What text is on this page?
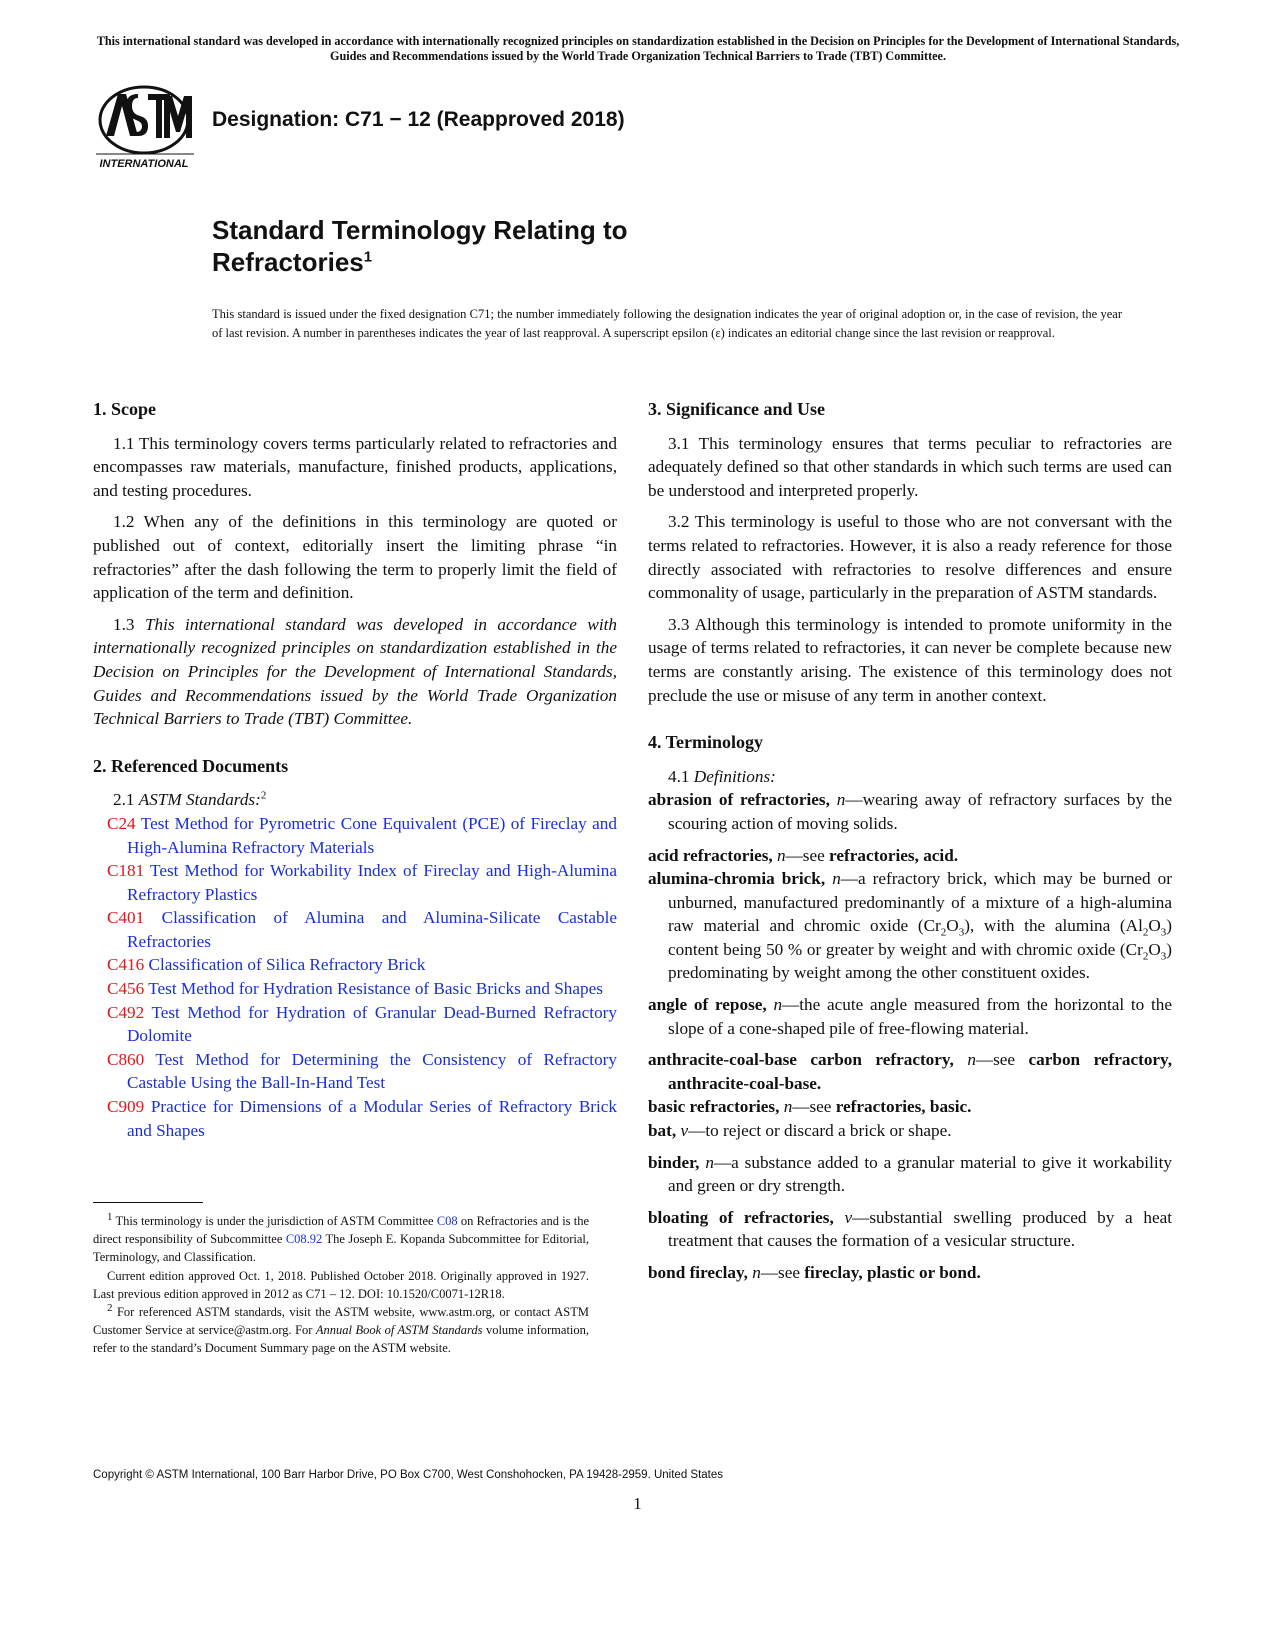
This international standard was developed in accordance with internationally recognized principles on standardization established in the Decision on Principles for the Development of International Standards, Guides and Recommendations issued by the World Trade Organization Technical Barriers to Trade (TBT) Committee.
INTERNATIONAL
Designation: C71 − 12 (Reapproved 2018)
Standard Terminology Relating to
Refractories$^1$
This standard is issued under the fixed designation C71; the number immediately following the designation indicates the year of original adoption or, in the case of revision, the year of last revision. A number in parentheses indicates the year of last reapproval. A superscript epsilon (ε) indicates an editorial change since the last revision or reapproval.

1. Scope

1.1 This terminology covers terms particularly related to refractories and encompasses raw materials, manufacture, finished products, applications, and testing procedures.

1.2 When any of the definitions in this terminology are quoted or published out of context, editorially insert the limiting phrase “in refractories” after the dash following the term to properly limit the field of application of the term and definition.

1.3 This international standard was developed in accordance with internationally recognized principles on standardization established in the Decision on Principles for the Development of International Standards, Guides and Recommendations issued by the World Trade Organization Technical Barriers to Trade (TBT) Committee.

2. Referenced Documents

2.1 ASTM Standards:$^2$

C24 Test Method for Pyrometric Cone Equivalent (PCE) of Fireclay and High-Alumina Refractory Materials

C181 Test Method for Workability Index of Fireclay and High-Alumina Refractory Plastics

C401 Classification of Alumina and Alumina-Silicate Castable Refractories

C416 Classification of Silica Refractory Brick

C456 Test Method for Hydration Resistance of Basic Bricks and Shapes

C492 Test Method for Hydration of Granular Dead-Burned Refractory Dolomite

C860 Test Method for Determining the Consistency of Refractory Castable Using the Ball-In-Hand Test

C909 Practice for Dimensions of a Modular Series of Refractory Brick and Shapes

3. Significance and Use

3.1 This terminology ensures that terms peculiar to refractories are adequately defined so that other standards in which such terms are used can be understood and interpreted properly.

3.2 This terminology is useful to those who are not conversant with the terms related to refractories. However, it is also a ready reference for those directly associated with refractories to resolve differences and ensure commonality of usage, particularly in the preparation of ASTM standards.

3.3 Although this terminology is intended to promote uniformity in the usage of terms related to refractories, it can never be complete because new terms are constantly arising. The existence of this terminology does not preclude the use or misuse of any term in another context.

4. Terminology

4.1 Definitions:

abrasion of refractories, n—wearing away of refractory surfaces by the scouring action of moving solids.

acid refractories, n—see refractories, acid.

alumina-chromia brick, n—a refractory brick, which may be burned or unburned, manufactured predominantly of a mixture of a high-alumina raw material and chromic oxide $(Cr_2O_3)$, with the alumina $(Al_2O_3)$ content being 50 % or greater by weight and with chromic oxide $(Cr_2O_3)$ predominating by weight among the other constituent oxides.

angle of repose, n—the acute angle measured from the horizontal to the slope of a cone-shaped pile of free-flowing material.

anthracite-coal-base carbon refractory, n—see carbon refractory, anthracite-coal-base.

basic refractories, n—see refractories, basic.

bat, v—to reject or discard a brick or shape.

binder, n—a substance added to a granular material to give it workability and green or dry strength.

bloating of refractories, v—substantial swelling produced by a heat treatment that causes the formation of a vesicular structure.

bond fireclay, n—see fireclay, plastic or bond.

$^1$ This terminology is under the jurisdiction of ASTM Committee C08 on Refractories and is the direct responsibility of Subcommittee C08.92 The Joseph E. Kopanda Subcommittee for Editorial, Terminology, and Classification.

Current edition approved Oct. 1, 2018. Published October 2018. Originally approved in 1927. Last previous edition approved in 2012 as C71 – 12. DOI: 10.1520/C0071-12R18.

$^2$ For referenced ASTM standards, visit the ASTM website, www.astm.org, or contact ASTM Customer Service at service@astm.org. For Annual Book of ASTM Standards volume information, refer to the standard’s Document Summary page on the ASTM website.

Copyright © ASTM International, 100 Barr Harbor Drive, PO Box C700, West Conshohocken, PA 19428-2959. United States
1
